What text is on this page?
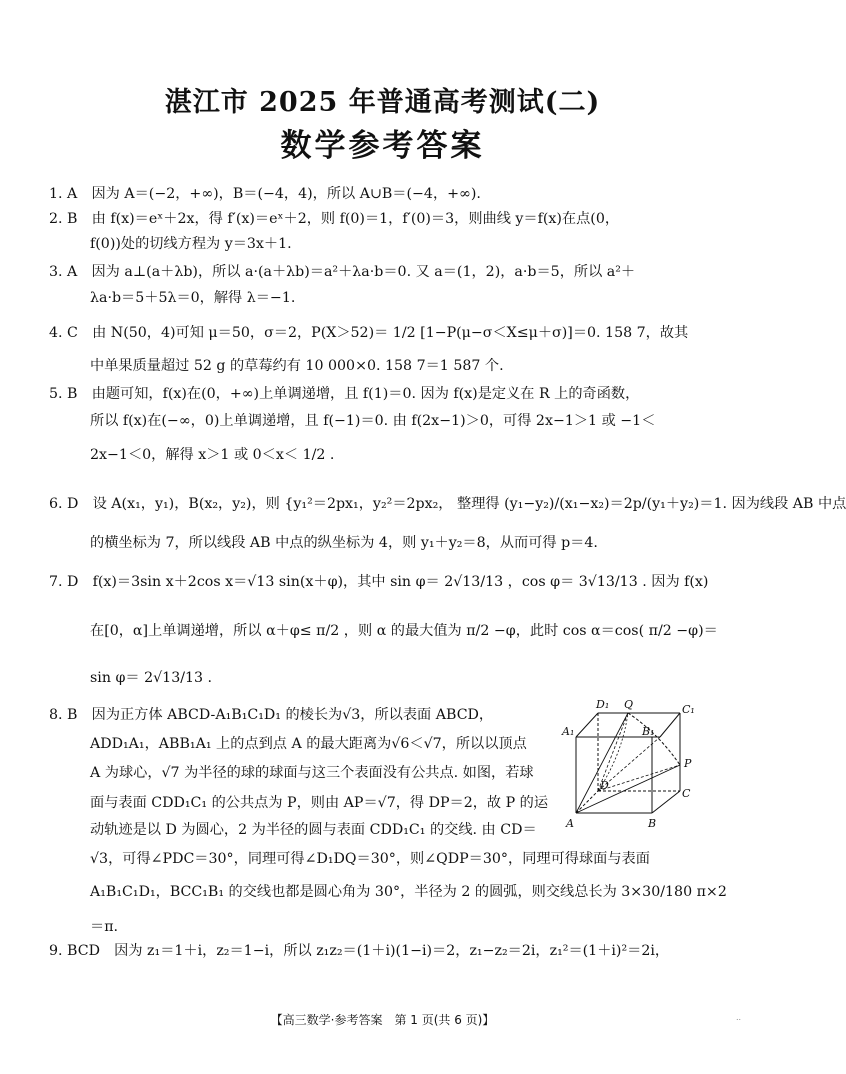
湛江市 2025 年普通高考测试(二)
数学参考答案
1. A　因为 A＝(−2，+∞)，B＝(−4，4)，所以 A∪B＝(−4，+∞).
2. B　由 f(x)＝eˣ＋2x，得 f′(x)＝eˣ＋2，则 f(0)＝1，f′(0)＝3，则曲线 y＝f(x)在点(0，
f(0))处的切线方程为 y＝3x＋1.
3. A　因为 a⊥(a＋λb)，所以 a·(a＋λb)＝a²＋λa·b＝0. 又 a＝(1，2)，a·b＝5，所以 a²＋
λa·b＝5＋5λ＝0，解得 λ＝−1.
4. C　由 N(50，4)可知 μ＝50，σ＝2，P(X＞52)＝ 1/2 [1−P(μ−σ＜X≤μ＋σ)]＝0. 158 7，故其
中单果质量超过 52 g 的草莓约有 10 000×0. 158 7＝1 587 个.
5. B　由题可知，f(x)在(0，+∞)上单调递增，且 f(1)＝0. 因为 f(x)是定义在 R 上的奇函数，
所以 f(x)在(−∞，0)上单调递增，且 f(−1)＝0. 由 f(2x−1)＞0，可得 2x−1＞1 或 −1＜
2x−1＜0，解得 x＞1 或 0＜x＜ 1/2 .
6. D　设 A(x₁，y₁)，B(x₂，y₂)，则 {y₁²＝2px₁，y₂²＝2px₂， 整理得 (y₁−y₂)/(x₁−x₂)＝2p/(y₁＋y₂)＝1. 因为线段 AB 中点
的横坐标为 7，所以线段 AB 中点的纵坐标为 4，则 y₁＋y₂＝8，从而可得 p＝4.
7. D　f(x)＝3sin x＋2cos x＝√13 sin(x＋φ)，其中 sin φ＝ 2√13/13 ，cos φ＝ 3√13/13 . 因为 f(x)
在[0，α]上单调递增，所以 α＋φ≤ π/2 ，则 α 的最大值为 π/2 −φ，此时 cos α＝cos( π/2 −φ)＝
sin φ＝ 2√13/13 .
8. B　因为正方体 ABCD-A₁B₁C₁D₁ 的棱长为√3，所以表面 ABCD，
ADD₁A₁，ABB₁A₁ 上的点到点 A 的最大距离为√6＜√7，所以以顶点
A 为球心，√7 为半径的球的球面与这三个表面没有公共点. 如图，若球
面与表面 CDD₁C₁ 的公共点为 P，则由 AP＝√7，得 DP＝2，故 P 的运
动轨迹是以 D 为圆心，2 为半径的圆与表面 CDD₁C₁ 的交线. 由 CD＝
√3，可得∠PDC＝30°，同理可得∠D₁DQ＝30°，则∠QDP＝30°，同理可得球面与表面
A₁B₁C₁D₁，BCC₁B₁ 的交线也都是圆心角为 30°，半径为 2 的圆弧，则交线总长为 3×30/180 π×2
＝π.
9. BCD　因为 z₁＝1＋i，z₂＝1−i，所以 z₁z₂＝(1＋i)(1−i)＝2，z₁−z₂＝2i，z₁²＝(1＋i)²＝2i，
D₁ Q	C₁
A₁	B₁
P
D
C
A	B
【高三数学·参考答案　第 1 页(共 6 页)】	..
